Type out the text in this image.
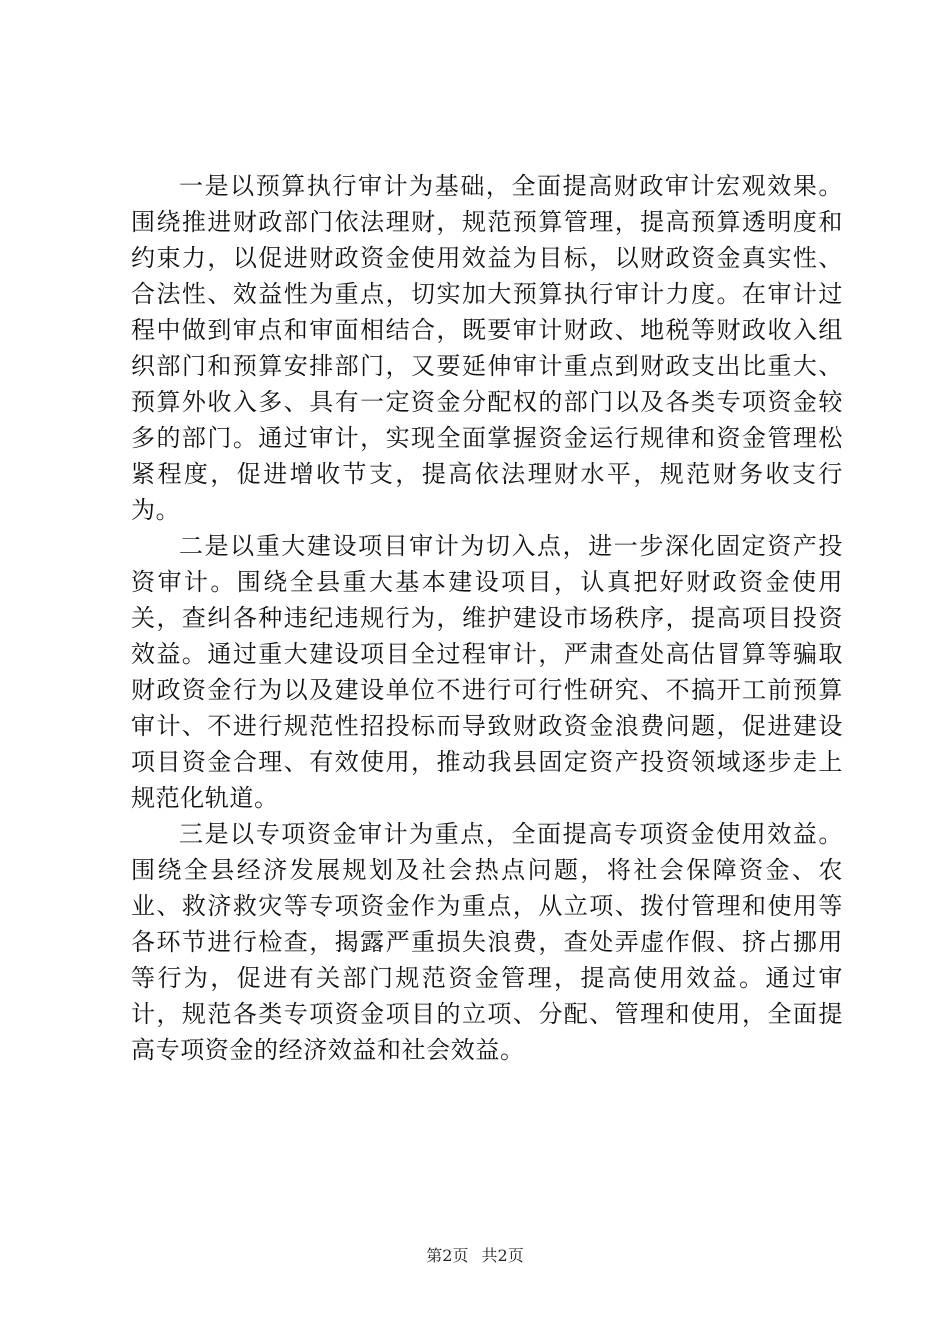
一是以预算执行审计为基础，全面提高财政审计宏观效果。围绕推进财政部门依法理财，规范预算管理，提高预算透明度和约束力，以促进财政资金使用效益为目标，以财政资金真实性、合法性、效益性为重点，切实加大预算执行审计力度。在审计过程中做到审点和审面相结合，既要审计财政、地税等财政收入组织部门和预算安排部门，又要延伸审计重点到财政支出比重大、预算外收入多、具有一定资金分配权的部门以及各类专项资金较多的部门。通过审计，实现全面掌握资金运行规律和资金管理松紧程度，促进增收节支，提高依法理财水平，规范财务收支行为。

二是以重大建设项目审计为切入点，进一步深化固定资产投资审计。围绕全县重大基本建设项目，认真把好财政资金使用关，查纠各种违纪违规行为，维护建设市场秩序，提高项目投资效益。通过重大建设项目全过程审计，严肃查处高估冒算等骗取财政资金行为以及建设单位不进行可行性研究、不搞开工前预算审计、不进行规范性招投标而导致财政资金浪费问题，促进建设项目资金合理、有效使用，推动我县固定资产投资领域逐步走上规范化轨道。

三是以专项资金审计为重点，全面提高专项资金使用效益。围绕全县经济发展规划及社会热点问题，将社会保障资金、农业、救济救灾等专项资金作为重点，从立项、拨付管理和使用等各环节进行检查，揭露严重损失浪费，查处弄虚作假、挤占挪用等行为，促进有关部门规范资金管理，提高使用效益。通过审计，规范各类专项资金项目的立项、分配、管理和使用，全面提高专项资金的经济效益和社会效益。

第2页 共2页
